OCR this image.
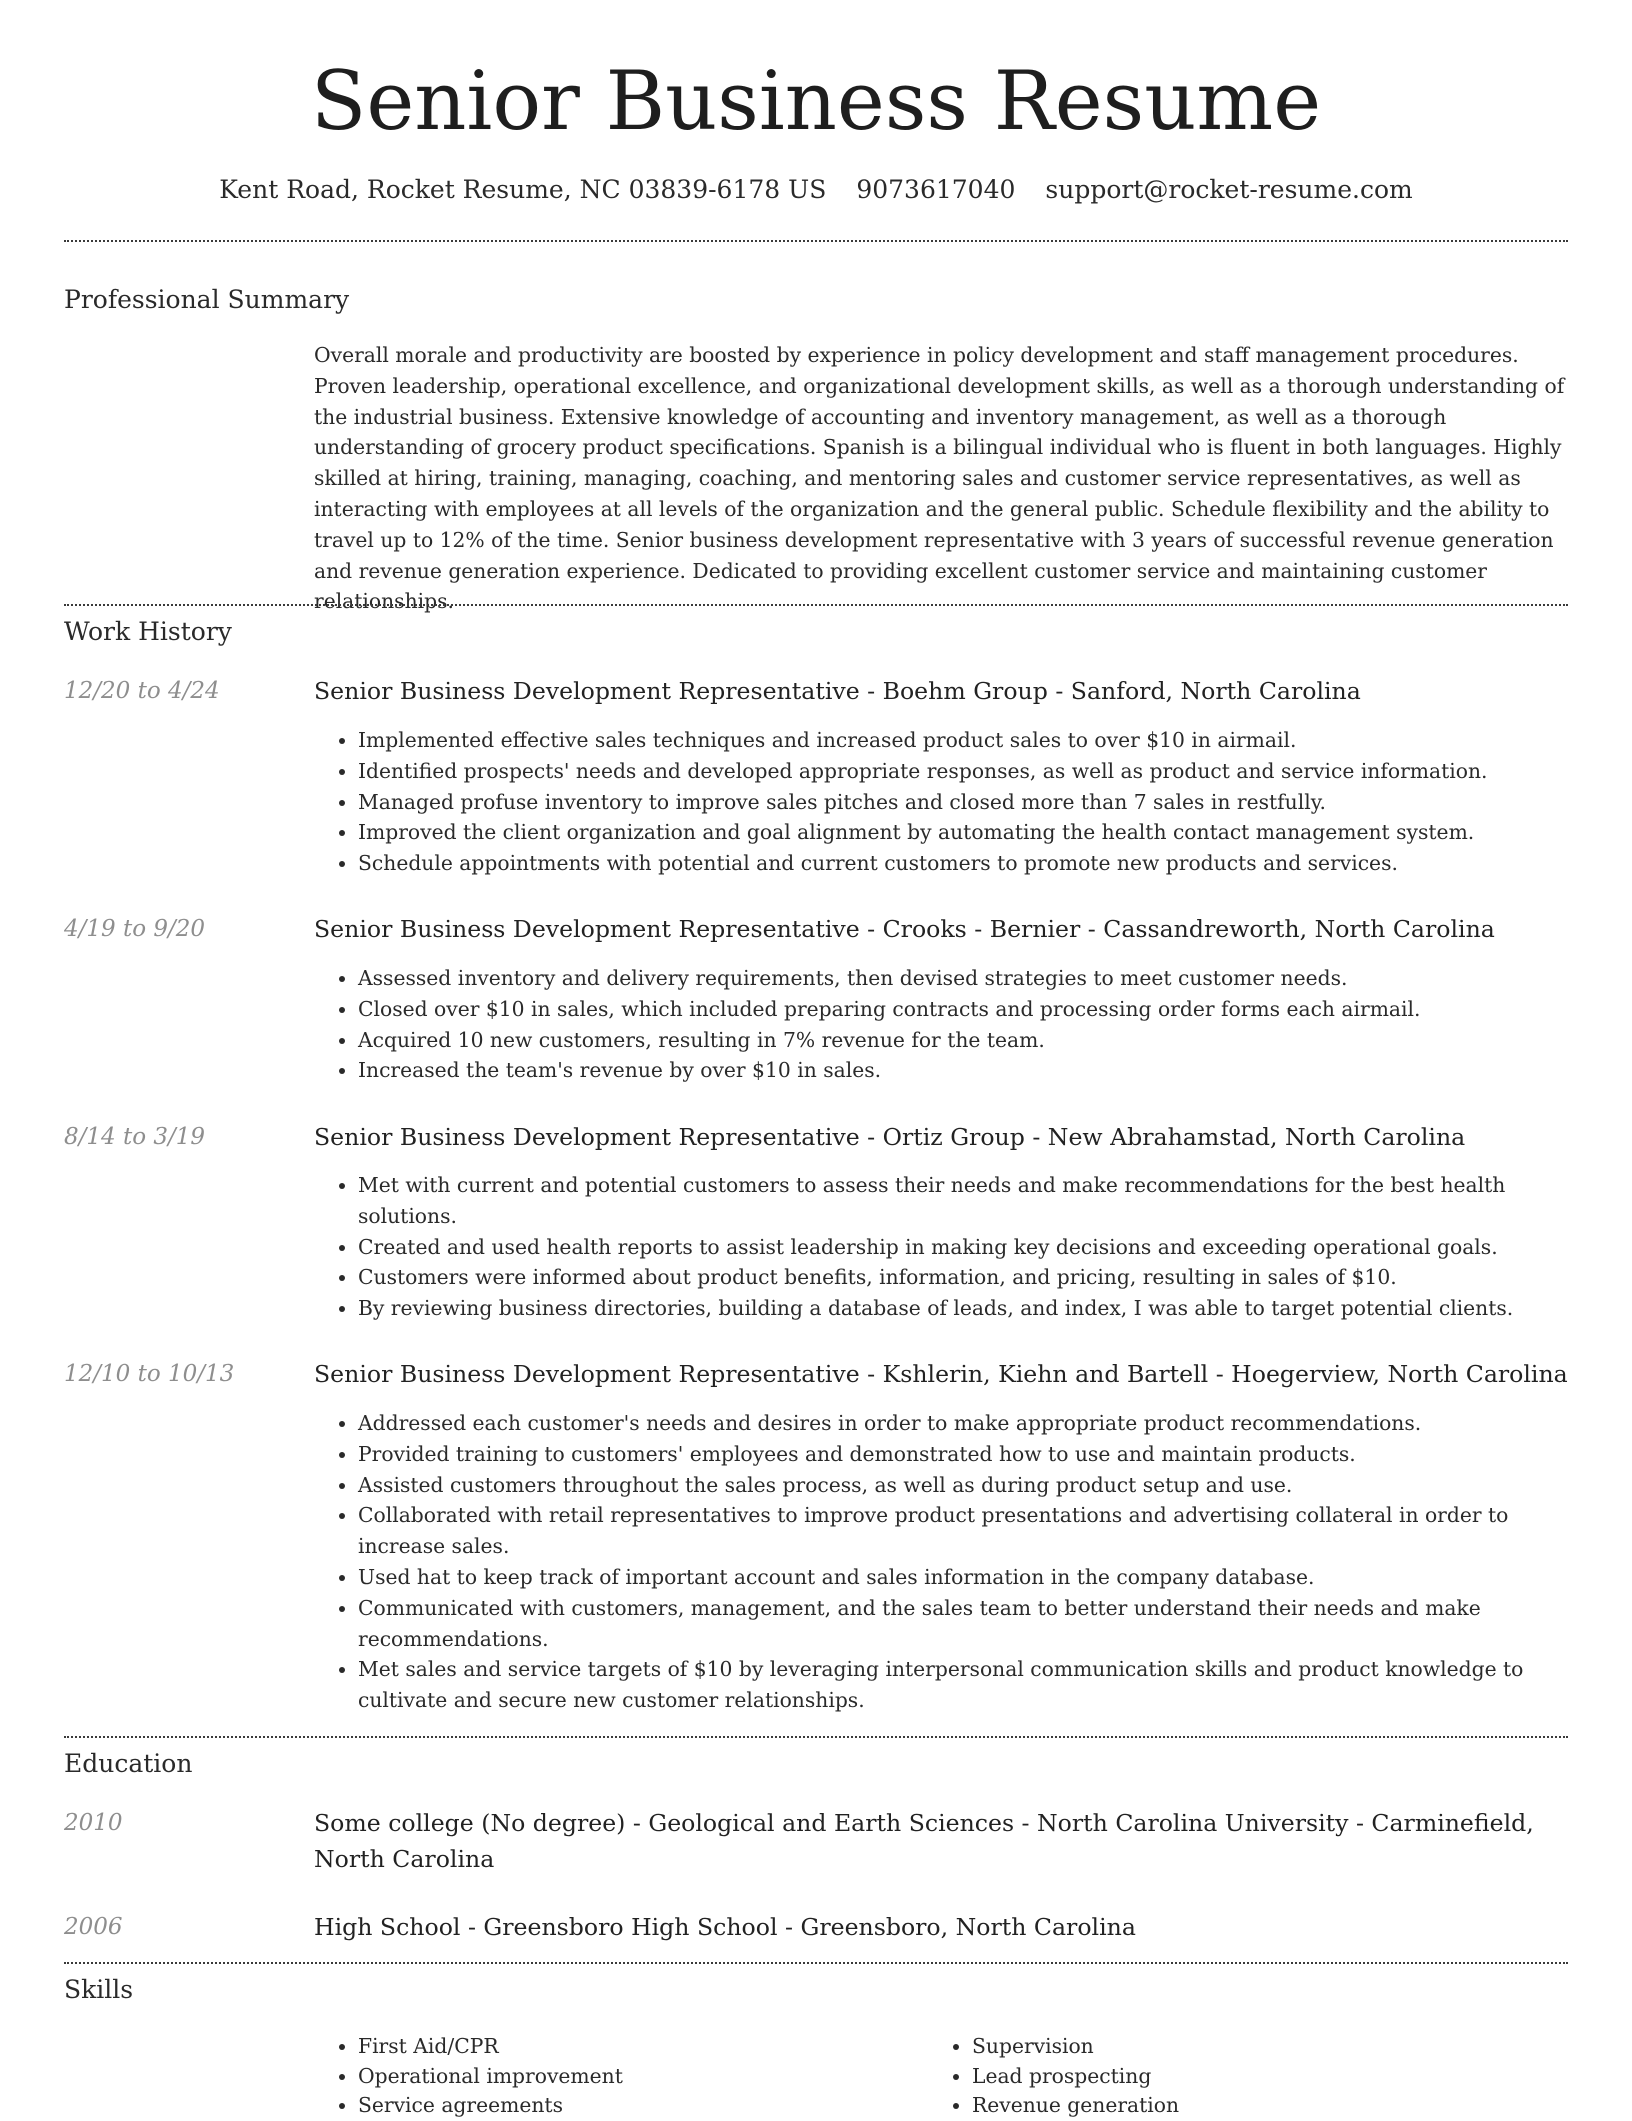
Senior Business Resume
Kent Road, Rocket Resume, NC 03839-6178 US 9073617040 support@rocket-resume.com
Professional Summary
Overall morale and productivity are boosted by experience in policy development and staff management procedures. Proven leadership, operational excellence, and organizational development skills, as well as a thorough understanding of the industrial business. Extensive knowledge of accounting and inventory management, as well as a thorough understanding of grocery product specifications. Spanish is a bilingual individual who is fluent in both languages. Highly skilled at hiring, training, managing, coaching, and mentoring sales and customer service representatives, as well as interacting with employees at all levels of the organization and the general public. Schedule flexibility and the ability to travel up to 12% of the time. Senior business development representative with 3 years of successful revenue generation and revenue generation experience. Dedicated to providing excellent customer service and maintaining customer relationships.
Work History
12/20 to 4/24	Senior Business Development Representative - Boehm Group - Sanford, North Carolina
• Implemented effective sales techniques and increased product sales to over $10 in airmail.
• Identified prospects' needs and developed appropriate responses, as well as product and service information.
• Managed profuse inventory to improve sales pitches and closed more than 7 sales in restfully.
• Improved the client organization and goal alignment by automating the health contact management system.
• Schedule appointments with potential and current customers to promote new products and services.
4/19 to 9/20	Senior Business Development Representative - Crooks - Bernier - Cassandreworth, North Carolina
• Assessed inventory and delivery requirements, then devised strategies to meet customer needs.
• Closed over $10 in sales, which included preparing contracts and processing order forms each airmail.
• Acquired 10 new customers, resulting in 7% revenue for the team.
• Increased the team's revenue by over $10 in sales.
8/14 to 3/19	Senior Business Development Representative - Ortiz Group - New Abrahamstad, North Carolina
• Met with current and potential customers to assess their needs and make recommendations for the best health solutions.
• Created and used health reports to assist leadership in making key decisions and exceeding operational goals.
• Customers were informed about product benefits, information, and pricing, resulting in sales of $10.
• By reviewing business directories, building a database of leads, and index, I was able to target potential clients.
12/10 to 10/13	Senior Business Development Representative - Kshlerin, Kiehn and Bartell - Hoegerview, North Carolina
• Addressed each customer's needs and desires in order to make appropriate product recommendations.
• Provided training to customers' employees and demonstrated how to use and maintain products.
• Assisted customers throughout the sales process, as well as during product setup and use.
• Collaborated with retail representatives to improve product presentations and advertising collateral in order to increase sales.
• Used hat to keep track of important account and sales information in the company database.
• Communicated with customers, management, and the sales team to better understand their needs and make recommendations.
• Met sales and service targets of $10 by leveraging interpersonal communication skills and product knowledge to cultivate and secure new customer relationships.
Education
2010	Some college (No degree) - Geological and Earth Sciences - North Carolina University - Carminefield, North Carolina
2006	High School - Greensboro High School - Greensboro, North Carolina
Skills
• First Aid/CPR
• Operational improvement
• Service agreements
• Supervision
• Lead prospecting
• Revenue generation
